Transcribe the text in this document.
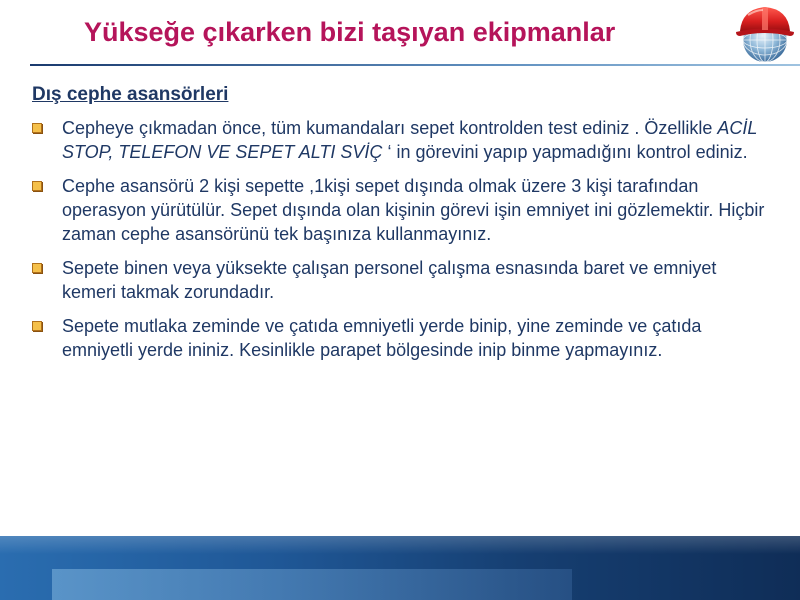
Yükseğe çıkarken bizi taşıyan ekipmanlar
Dış cephe asansörleri
Cepheye çıkmadan önce, tüm kumandaları sepet kontrolden test ediniz . Özellikle ACİL STOP, TELEFON VE SEPET ALTI SVİÇ ‘ in görevini yapıp yapmadığını kontrol ediniz.
Cephe asansörü 2 kişi sepette ,1kişi sepet dışında olmak üzere 3 kişi tarafından operasyon yürütülür. Sepet dışında olan kişinin görevi işin emniyet ini gözlemektir. Hiçbir zaman cephe asansörünü tek başınıza kullanmayınız.
Sepete binen veya yüksekte çalışan personel çalışma esnasında baret ve emniyet kemeri takmak zorundadır.
Sepete mutlaka zeminde ve çatıda emniyetli yerde binip, yine zeminde ve çatıda emniyetli yerde ininiz. Kesinlikle parapet bölgesinde inip binme yapmayınız.
